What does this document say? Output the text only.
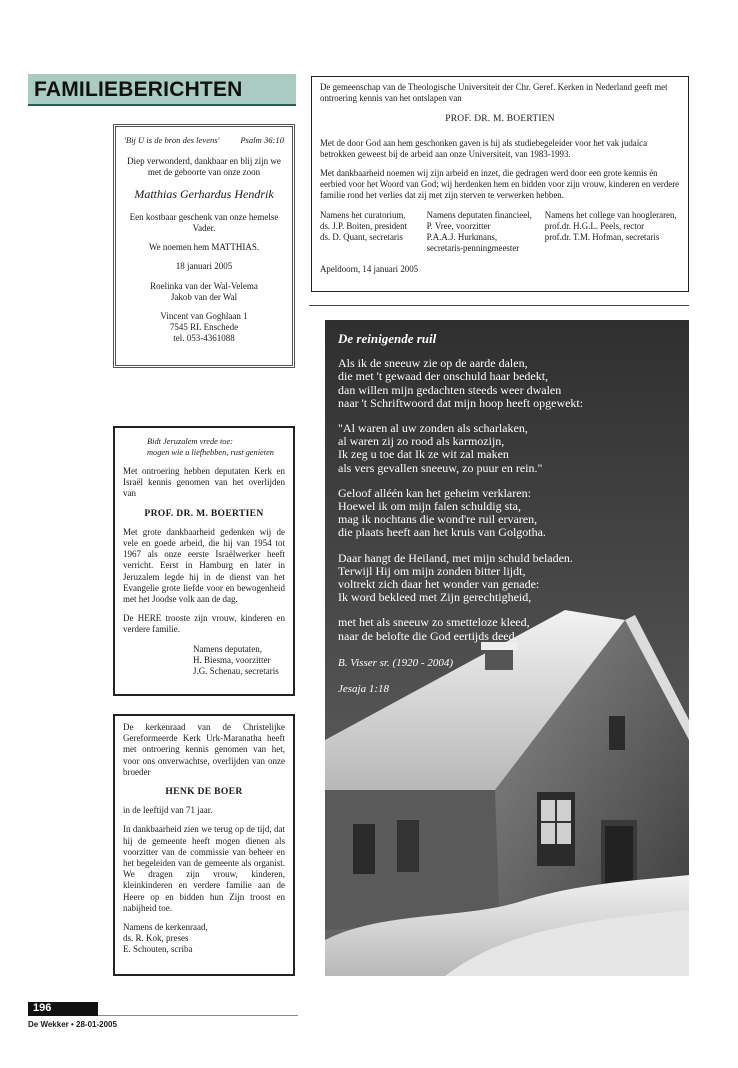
FAMILIEBERICHTEN
'Bij U is de bron des levens' Psalm 36:10

Diep verwonderd, dankbaar en blij zijn we met de geboorte van onze zoon

Matthias Gerhardus Hendrik

Een kostbaar geschenk van onze hemelse Vader.

We noemen hem MATTHIAS.

18 januari 2005

Roelinka van der Wal-Velema
Jakob van der Wal

Vincent van Goghlaan 1
7545 RL Enschede
tel. 053-4361088

De gemeenschap van de Theologische Universiteit der Chr. Geref. Kerken in Nederland geeft met ontroering kennis van het ontslapen van
PROF. DR. M. BOERTIEN

Met de door God aan hem geschonken gaven is hij als studiebegeleider voor het vak judaïca betrokken geweest bij de arbeid aan onze Universiteit, van 1983-1993.

Met dankbaarheid noemen wij zijn arbeid en inzet, die gedragen werd door een grote kennis én eerbied voor het Woord van God; wij herdenken hem en bidden voor zijn vrouw, kinderen en verdere familie rond het verlies dat zij met zijn sterven te verwerken hebben.

Namens het curatorium,
ds. J.P. Boiten, president
ds. D. Quant, secretaris
Namens deputaten financieel,
P. Vree, voorzitter
P.A.A.J. Hurkmans,
secretaris-penningmeester
Namens het college van hoogleraren,
prof.dr. H.G.L. Peels, rector
prof.dr. T.M. Hofman, secretaris
Apeldoorn, 14 januari 2005
Bidt Jeruzalem vrede toe:
mogen wie u liefhebben, rust genieten

Met ontroering hebben deputaten Kerk en Israël kennis genomen van het overlijden van

PROF. DR. M. BOERTIEN

Met grote dankbaarheid gedenken wij de vele en goede arbeid, die hij van 1954 tot 1967 als onze eerste Israëlwerker heeft verricht. Eerst in Hamburg en later in Jeruzalem legde hij in de dienst van het Evangelie grote liefde voor en bewogenheid met het Joodse volk aan de dag.

De HERE trooste zijn vrouw, kinderen en verdere familie.

Namens deputaten,
H. Biesma, voorzitter
J.G. Schenau, secretaris

De kerkenraad van de Christelijke Gereformeerde Kerk Urk-Maranatha heeft met ontroering kennis genomen van het, voor ons onverwachtse, overlijden van onze broeder

HENK DE BOER

in de leeftijd van 71 jaar.

In dankbaarheid zien we terug op de tijd, dat hij de gemeente heeft mogen dienen als voorzitter van de commissie van beheer en het begeleiden van de gemeente als organist. We dragen zijn vrouw, kinderen, kleinkinderen en verdere familie aan de Heere op en bidden hun Zijn troost en nabijheid toe.

Namens de kerkenraad,
ds. R. Kok, preses
E. Schouten, scriba
De reinigende ruil
Als ik de sneeuw zie op de aarde dalen,
die met 't gewaad der onschuld haar bedekt,
dan willen mijn gedachten steeds weer dwalen
naar 't Schriftwoord dat mijn hoop heeft opgewekt:
"Al waren al uw zonden als scharlaken,
al waren zij zo rood als karmozijn,
Ik zeg u toe dat Ik ze wit zal maken
als vers gevallen sneeuw, zo puur en rein."
Geloof alléén kan het geheim verklaren:
Hoewel ik om mijn falen schuldig sta,
mag ik nochtans die wond're ruil ervaren,
die plaats heeft aan het kruis van Golgotha.
Daar hangt de Heiland, met mijn schuld beladen.
Terwijl Hij om mijn zonden bitter lijdt,
voltrekt zich daar het wonder van genade:
Ik word bekleed met Zijn gerechtigheid,
met het als sneeuw zo smetteloze kleed,
naar de belofte die God eertijds deed.
B. Visser sr. (1920 - 2004)
Jesaja 1:18
196
De Wekker • 28-01-2005
